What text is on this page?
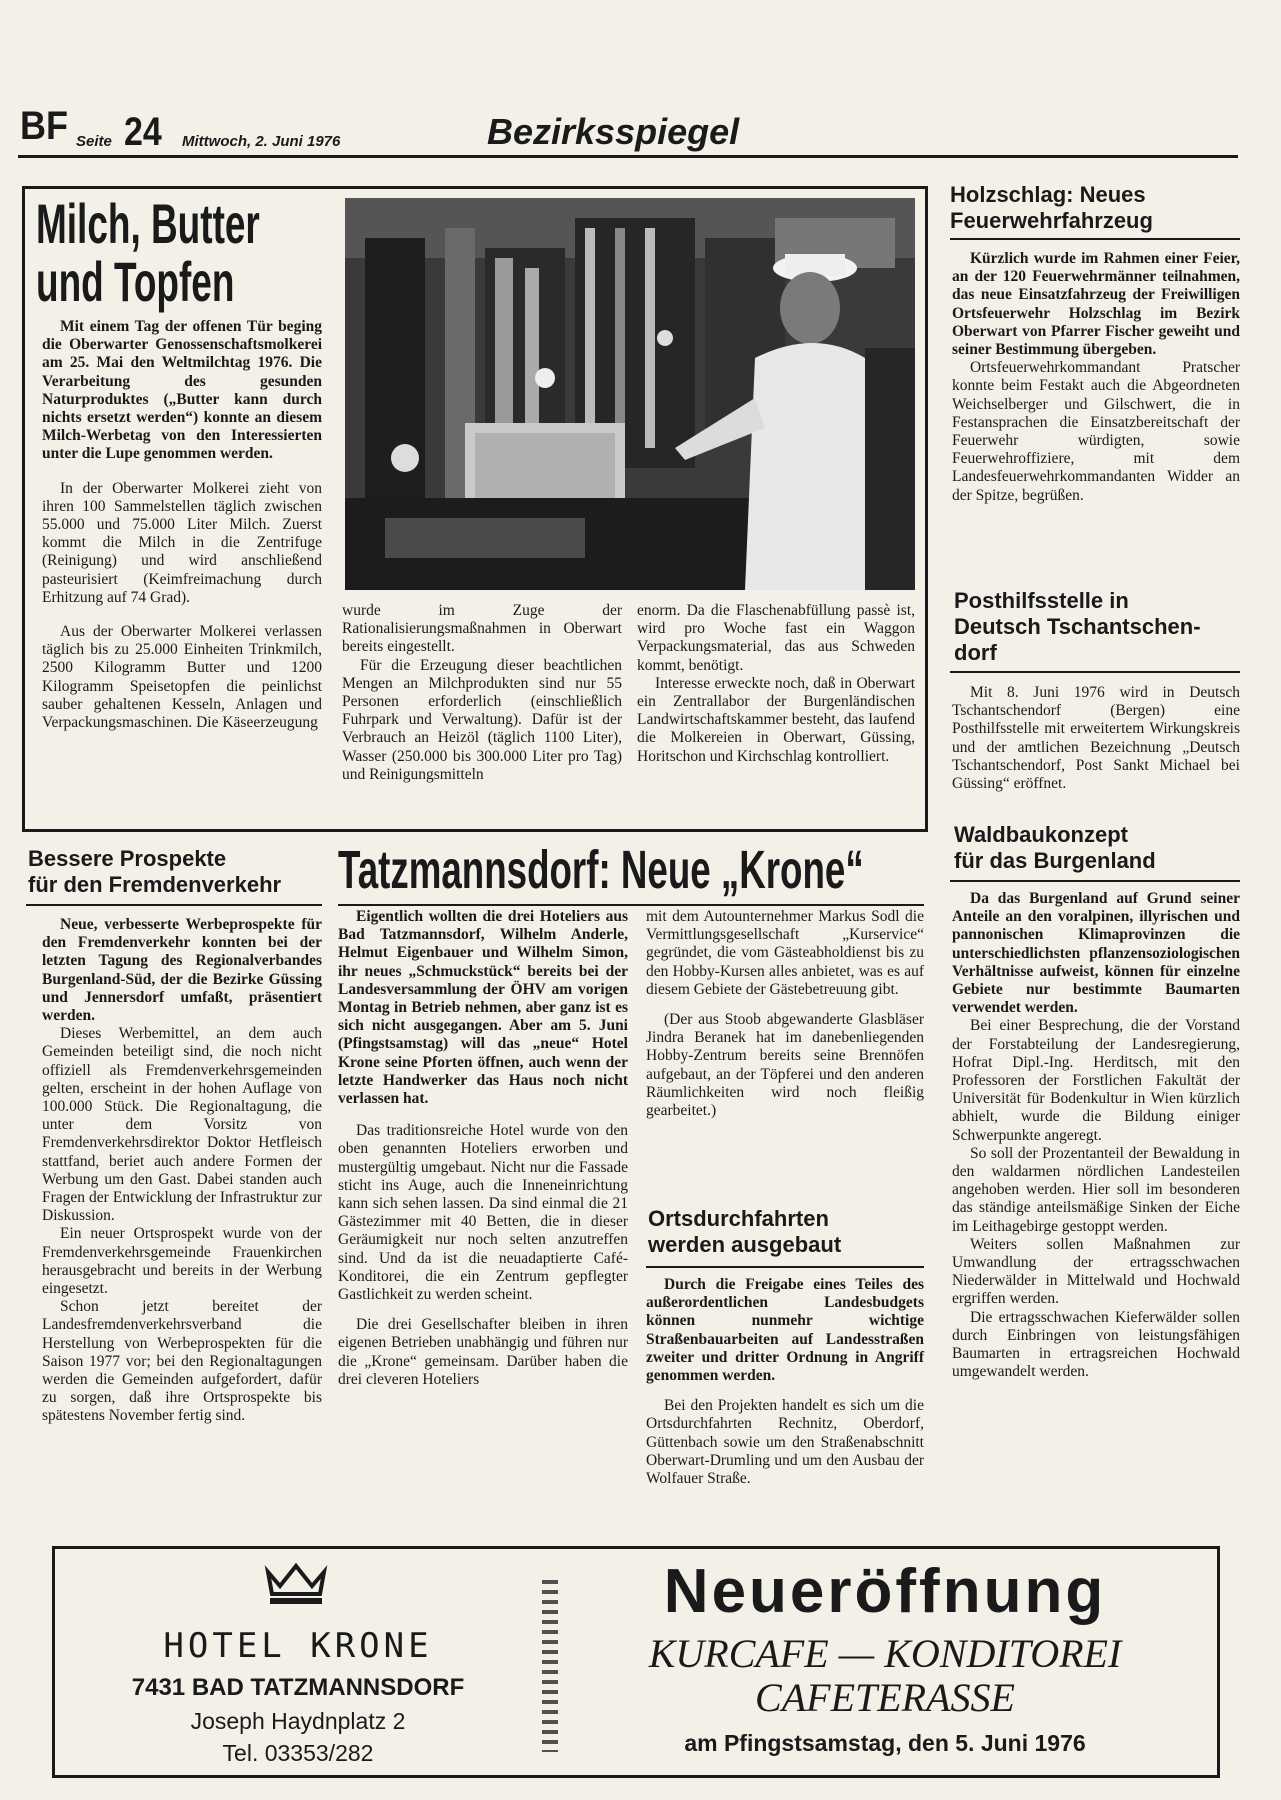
BF Seite 24 Mittwoch, 2. Juni 1976	Bezirksspiegel
Milch, Butter
und Topfen

Mit einem Tag der offenen Tür beging die Oberwarter Genossenschaftsmolkerei am 25. Mai den Weltmilchtag 1976. Die Verarbeitung des gesunden Naturproduktes („Butter kann durch nichts ersetzt werden“) konnte an diesem Milch-Werbetag von den Interessierten unter die Lupe genommen werden.

In der Oberwarter Molkerei zieht von ihren 100 Sammelstellen täglich zwischen 55.000 und 75.000 Liter Milch. Zuerst kommt die Milch in die Zentrifuge (Reinigung) und wird anschließend pasteurisiert (Keimfreimachung durch Erhitzung auf 74 Grad).

Aus der Oberwarter Molkerei verlassen täglich bis zu 25.000 Einheiten Trinkmilch, 2500 Kilogramm Butter und 1200 Kilogramm Speisetopfen die peinlichst sauber gehaltenen Kesseln, Anlagen und Verpackungsmaschinen. Die Käseerzeugung

wurde im Zuge der Rationalisierungsmaßnahmen in Oberwart bereits eingestellt.

Für die Erzeugung dieser beachtlichen Mengen an Milchprodukten sind nur 55 Personen erforderlich (einschließlich Fuhrpark und Verwaltung). Dafür ist der Verbrauch an Heizöl (täglich 1100 Liter), Wasser (250.000 bis 300.000 Liter pro Tag) und Reinigungsmitteln

enorm. Da die Flaschenabfüllung passè ist, wird pro Woche fast ein Waggon Verpackungsmaterial, das aus Schweden kommt, benötigt.

Interesse erweckte noch, daß in Oberwart ein Zentrallabor der Burgenländischen Landwirtschaftskammer besteht, das laufend die Molkereien in Oberwart, Güssing, Horitschon und Kirchschlag kontrolliert.

Holzschlag: Neues
Feuerwehrfahrzeug

Kürzlich wurde im Rahmen einer Feier, an der 120 Feuerwehrmänner teilnahmen, das neue Einsatzfahrzeug der Freiwilligen Ortsfeuerwehr Holzschlag im Bezirk Oberwart von Pfarrer Fischer geweiht und seiner Bestimmung übergeben.

Ortsfeuerwehrkommandant Pratscher konnte beim Festakt auch die Abgeordneten Weichselberger und Gilschwert, die in Festansprachen die Einsatzbereitschaft der Feuerwehr würdigten, sowie Feuerwehroffiziere, mit dem Landesfeuerwehrkommandanten Widder an der Spitze, begrüßen.

Posthilfsstelle in
Deutsch Tschantschen-
dorf

Mit 8. Juni 1976 wird in Deutsch Tschantschendorf (Bergen) eine Posthilfsstelle mit erweitertem Wirkungskreis und der amtlichen Bezeichnung „Deutsch Tschantschendorf, Post Sankt Michael bei Güssing“ eröffnet.

Waldbaukonzept
für das Burgenland

Da das Burgenland auf Grund seiner Anteile an den voralpinen, illyrischen und pannonischen Klimaprovinzen die unterschiedlichsten pflanzensoziologischen Verhältnisse aufweist, können für einzelne Gebiete nur bestimmte Baumarten verwendet werden.

Bei einer Besprechung, die der Vorstand der Forstabteilung der Landesregierung, Hofrat Dipl.-Ing. Herditsch, mit den Professoren der Forstlichen Fakultät der Universität für Bodenkultur in Wien kürzlich abhielt, wurde die Bildung einiger Schwerpunkte angeregt.

So soll der Prozentanteil der Bewaldung in den waldarmen nördlichen Landesteilen angehoben werden. Hier soll im besonderen das ständige anteilsmäßige Sinken der Eiche im Leithagebirge gestoppt werden.

Weiters sollen Maßnahmen zur Umwandlung der ertragsschwachen Niederwälder in Mittelwald und Hochwald ergriffen werden.

Die ertragsschwachen Kieferwälder sollen durch Einbringen von leistungsfähigen Baumarten in ertragsreichen Hochwald umgewandelt werden.

Bessere Prospekte
für den Fremdenverkehr

Neue, verbesserte Werbeprospekte für den Fremdenverkehr konnten bei der letzten Tagung des Regionalverbandes Burgenland-Süd, der die Bezirke Güssing und Jennersdorf umfaßt, präsentiert werden.

Dieses Werbemittel, an dem auch Gemeinden beteiligt sind, die noch nicht offiziell als Fremdenverkehrsgemeinden gelten, erscheint in der hohen Auflage von 100.000 Stück. Die Regionaltagung, die unter dem Vorsitz von Fremdenverkehrsdirektor Doktor Hetfleisch stattfand, beriet auch andere Formen der Werbung um den Gast. Dabei standen auch Fragen der Entwicklung der Infrastruktur zur Diskussion.

Ein neuer Ortsprospekt wurde von der Fremdenverkehrsgemeinde Frauenkirchen herausgebracht und bereits in der Werbung eingesetzt.

Schon jetzt bereitet der Landesfremdenverkehrsverband die Herstellung von Werbeprospekten für die Saison 1977 vor; bei den Regionaltagungen werden die Gemeinden aufgefordert, dafür zu sorgen, daß ihre Ortsprospekte bis spätestens November fertig sind.

Tatzmannsdorf: Neue „Krone“

Eigentlich wollten die drei Hoteliers aus Bad Tatzmannsdorf, Wilhelm Anderle, Helmut Eigenbauer und Wilhelm Simon, ihr neues „Schmuckstück“ bereits bei der Landesversammlung der ÖHV am vorigen Montag in Betrieb nehmen, aber ganz ist es sich nicht ausgegangen. Aber am 5. Juni (Pfingstsamstag) will das „neue“ Hotel Krone seine Pforten öffnen, auch wenn der letzte Handwerker das Haus noch nicht verlassen hat.

Das traditionsreiche Hotel wurde von den oben genannten Hoteliers erworben und mustergültig umgebaut. Nicht nur die Fassade sticht ins Auge, auch die Inneneinrichtung kann sich sehen lassen. Da sind einmal die 21 Gästezimmer mit 40 Betten, die in dieser Geräumigkeit nur noch selten anzutreffen sind. Und da ist die neuadaptierte Café-Konditorei, die ein Zentrum gepflegter Gastlichkeit zu werden scheint.

Die drei Gesellschafter bleiben in ihren eigenen Betrieben unabhängig und führen nur die „Krone“ gemeinsam. Darüber haben die drei cleveren Hoteliers

mit dem Autounternehmer Markus Sodl die Vermittlungsgesellschaft „Kurservice“ gegründet, die vom Gästeabholdienst bis zu den Hobby-Kursen alles anbietet, was es auf diesem Gebiete der Gästebetreuung gibt.

(Der aus Stoob abgewanderte Glasbläser Jindra Beranek hat im danebenliegenden Hobby-Zentrum bereits seine Brennöfen aufgebaut, an der Töpferei und den anderen Räumlichkeiten wird noch fleißig gearbeitet.)

Ortsdurchfahrten
werden ausgebaut

Durch die Freigabe eines Teiles des außerordentlichen Landesbudgets können nunmehr wichtige Straßenbauarbeiten auf Landesstraßen zweiter und dritter Ordnung in Angriff genommen werden.

Bei den Projekten handelt es sich um die Ortsdurchfahrten Rechnitz, Oberdorf, Güttenbach sowie um den Straßenabschnitt Oberwart-Drumling und um den Ausbau der Wolfauer Straße.

HOTEL KRONE
7431 BAD TATZMANNSDORF
Joseph Haydnplatz 2
Tel. 03353/282
Neueröffnung
KURCAFE — KONDITOREI
CAFETERASSE
am Pfingstsamstag, den 5. Juni 1976
